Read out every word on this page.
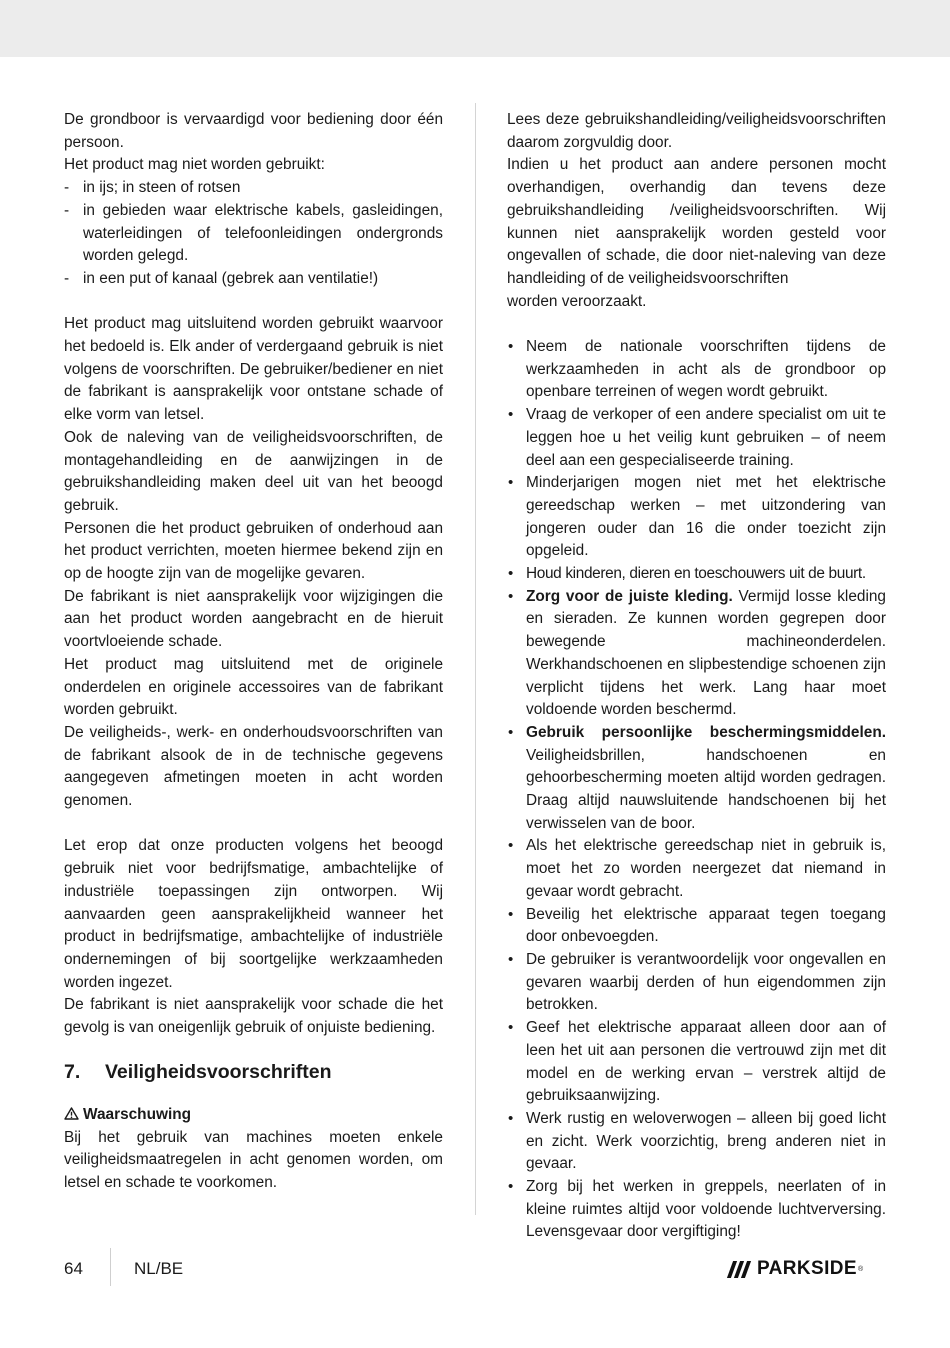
De grondboor is vervaardigd voor bediening door één persoon.

Het product mag niet worden gebruikt:

- in ijs; in steen of rotsen
- in gebieden waar elektrische kabels, gasleidingen, waterleidingen of telefoonleidingen ondergronds worden gelegd.
- in een put of kanaal (gebrek aan ventilatie!)

Het product mag uitsluitend worden gebruikt waarvoor het bedoeld is. Elk ander of verdergaand gebruik is niet volgens de voorschriften. De gebruiker/bediener en niet de fabrikant is aansprakelijk voor ontstane schade of elke vorm van letsel.

Ook de naleving van de veiligheidsvoorschriften, de montagehandleiding en de aanwijzingen in de gebruikshandleiding maken deel uit van het beoogd gebruik.

Personen die het product gebruiken of onderhoud aan het product verrichten, moeten hiermee bekend zijn en op de hoogte zijn van de mogelijke gevaren.

De fabrikant is niet aansprakelijk voor wijzigingen die aan het product worden aangebracht en de hieruit voortvloeiende schade.

Het product mag uitsluitend met de originele onderdelen en originele accessoires van de fabrikant worden gebruikt.

De veiligheids-, werk- en onderhoudsvoorschriften van de fabrikant alsook de in de technische gegevens aangegeven afmetingen moeten in acht worden genomen.

Let erop dat onze producten volgens het beoogd gebruik niet voor bedrijfsmatige, ambachtelijke of industriële toepassingen zijn ontworpen. Wij aanvaarden geen aansprakelijkheid wanneer het product in bedrijfsmatige, ambachtelijke of industriële ondernemingen of bij soortgelijke werkzaamheden worden ingezet.

De fabrikant is niet aansprakelijk voor schade die het gevolg is van oneigenlijk gebruik of onjuiste bediening.

7.	Veiligheidsvoorschriften
Waarschuwing

Bij het gebruik van machines moeten enkele veiligheidsmaatregelen in acht genomen worden, om letsel en schade te voorkomen.

Lees deze gebruikshandleiding/veiligheidsvoorschriften daarom zorgvuldig door.

Indien u het product aan andere personen mocht overhandigen, overhandig dan tevens deze gebruikshandleiding /veiligheidsvoorschriften. Wij kunnen niet aansprakelijk worden gesteld voor ongevallen of schade, die door niet-naleving van deze handleiding of de veiligheidsvoorschriften
worden veroorzaakt.

• Neem de nationale voorschriften tijdens de werkzaamheden in acht als de grondboor op openbare terreinen of wegen wordt gebruikt.
• Vraag de verkoper of een andere specialist om uit te leggen hoe u het veilig kunt gebruiken – of neem deel aan een gespecialiseerde training.
• Minderjarigen mogen niet met het elektrische gereedschap werken – met uitzondering van jongeren ouder dan 16 die onder toezicht zijn opgeleid.
• Houd kinderen, dieren en toeschouwers uit de buurt.
• Zorg voor de juiste kleding. Vermijd losse kleding en sieraden. Ze kunnen worden gegrepen door bewegende machineonderdelen. Werkhandschoenen en slipbestendige schoenen zijn verplicht tijdens het werk. Lang haar moet voldoende worden beschermd.
• Gebruik persoonlijke beschermingsmiddelen. Veiligheidsbrillen, handschoenen en gehoorbescherming moeten altijd worden gedragen. Draag altijd nauwsluitende handschoenen bij het verwisselen van de boor.
• Als het elektrische gereedschap niet in gebruik is, moet het zo worden neergezet dat niemand in gevaar wordt gebracht.
• Beveilig het elektrische apparaat tegen toegang door onbevoegden.
• De gebruiker is verantwoordelijk voor ongevallen en gevaren waarbij derden of hun eigendommen zijn betrokken.
• Geef het elektrische apparaat alleen door aan of leen het uit aan personen die vertrouwd zijn met dit model en de werking ervan – verstrek altijd de gebruiksaanwijzing.
• Werk rustig en weloverwogen – alleen bij goed licht en zicht. Werk voorzichtig, breng anderen niet in gevaar.
• Zorg bij het werken in greppels, neerlaten of in kleine ruimtes altijd voor voldoende luchtverversing. Levensgevaar door vergiftiging!
64	NL/BE	PARKSIDE ®
